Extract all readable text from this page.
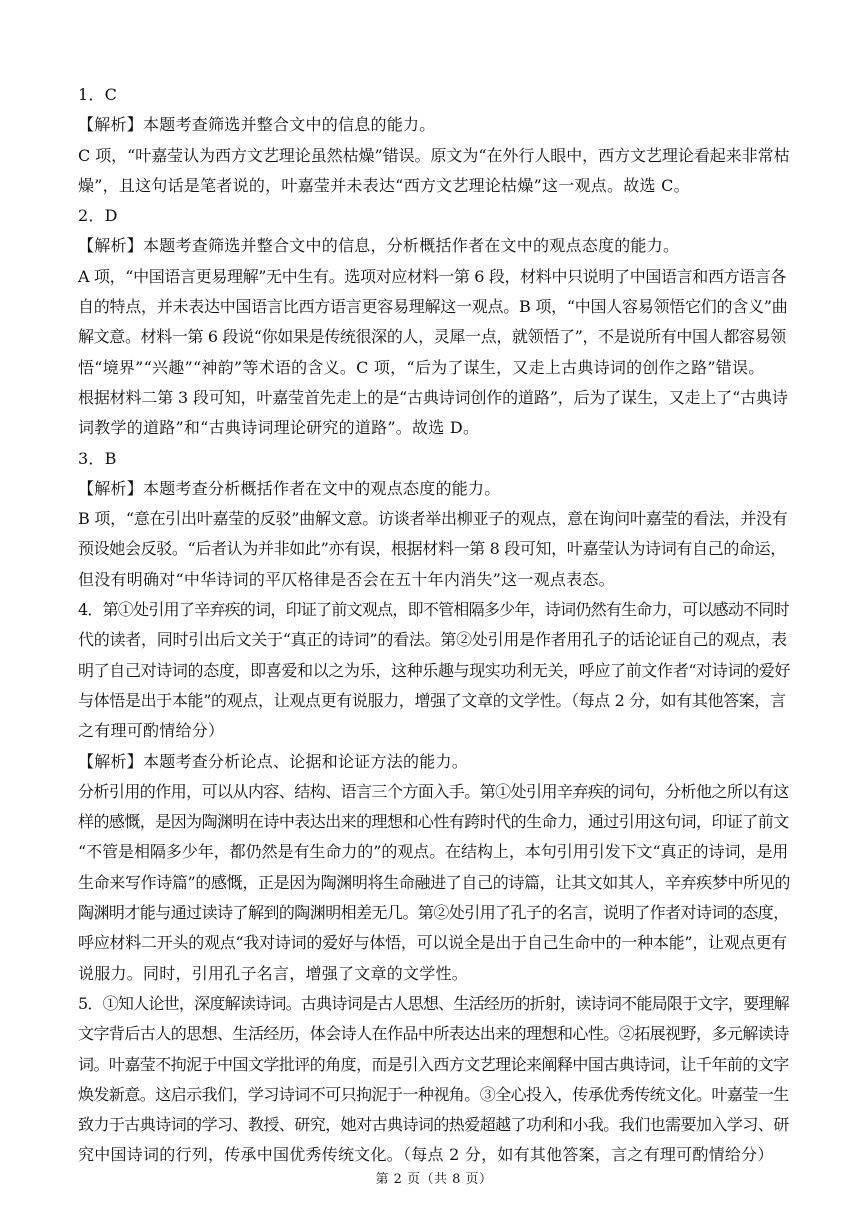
1．C
【解析】本题考查筛选并整合文中的信息的能力。
C 项，“叶嘉莹认为西方文艺理论虽然枯燥”错误。原文为“在外行人眼中，西方文艺理论看起来非常枯
燥”，且这句话是笔者说的，叶嘉莹并未表达“西方文艺理论枯燥”这一观点。故选 C。
2．D
【解析】本题考查筛选并整合文中的信息，分析概括作者在文中的观点态度的能力。
A 项，“中国语言更易理解”无中生有。选项对应材料一第 6 段，材料中只说明了中国语言和西方语言各
自的特点，并未表达中国语言比西方语言更容易理解这一观点。B 项，“中国人容易领悟它们的含义”曲
解文意。材料一第 6 段说“你如果是传统很深的人，灵犀一点，就领悟了”，不是说所有中国人都容易领
悟“境界”“兴趣”“神韵”等术语的含义。C 项，“后为了谋生，又走上古典诗词的创作之路”错误。
根据材料二第 3 段可知，叶嘉莹首先走上的是“古典诗词创作的道路”，后为了谋生，又走上了“古典诗
词教学的道路”和“古典诗词理论研究的道路”。故选 D。
3．B
【解析】本题考查分析概括作者在文中的观点态度的能力。
B 项，“意在引出叶嘉莹的反驳”曲解文意。访谈者举出柳亚子的观点，意在询问叶嘉莹的看法，并没有
预设她会反驳。“后者认为并非如此”亦有误，根据材料一第 8 段可知，叶嘉莹认为诗词有自己的命运，
但没有明确对“中华诗词的平仄格律是否会在五十年内消失”这一观点表态。
4．第①处引用了辛弃疾的词，印证了前文观点，即不管相隔多少年，诗词仍然有生命力，可以感动不同时
代的读者，同时引出后文关于“真正的诗词”的看法。第②处引用是作者用孔子的话论证自己的观点，表
明了自己对诗词的态度，即喜爱和以之为乐，这种乐趣与现实功利无关，呼应了前文作者“对诗词的爱好
与体悟是出于本能”的观点，让观点更有说服力，增强了文章的文学性。（每点 2 分，如有其他答案，言
之有理可酌情给分）
【解析】本题考查分析论点、论据和论证方法的能力。
分析引用的作用，可以从内容、结构、语言三个方面入手。第①处引用辛弃疾的词句，分析他之所以有这
样的感慨，是因为陶渊明在诗中表达出来的理想和心性有跨时代的生命力，通过引用这句词，印证了前文
“不管是相隔多少年，都仍然是有生命力的”的观点。在结构上，本句引用引发下文“真正的诗词，是用
生命来写作诗篇”的感慨，正是因为陶渊明将生命融进了自己的诗篇，让其文如其人，辛弃疾梦中所见的
陶渊明才能与通过读诗了解到的陶渊明相差无几。第②处引用了孔子的名言，说明了作者对诗词的态度，
呼应材料二开头的观点“我对诗词的爱好与体悟，可以说全是出于自己生命中的一种本能”，让观点更有
说服力。同时，引用孔子名言，增强了文章的文学性。
5．①知人论世，深度解读诗词。古典诗词是古人思想、生活经历的折射，读诗词不能局限于文字，要理解
文字背后古人的思想、生活经历，体会诗人在作品中所表达出来的理想和心性。②拓展视野，多元解读诗
词。叶嘉莹不拘泥于中国文学批评的角度，而是引入西方文艺理论来阐释中国古典诗词，让千年前的文字
焕发新意。这启示我们，学习诗词不可只拘泥于一种视角。③全心投入，传承优秀传统文化。叶嘉莹一生
致力于古典诗词的学习、教授、研究，她对古典诗词的热爱超越了功利和小我。我们也需要加入学习、研
究中国诗词的行列，传承中国优秀传统文化。（每点 2 分，如有其他答案，言之有理可酌情给分）
第 2 页（共 8 页）
